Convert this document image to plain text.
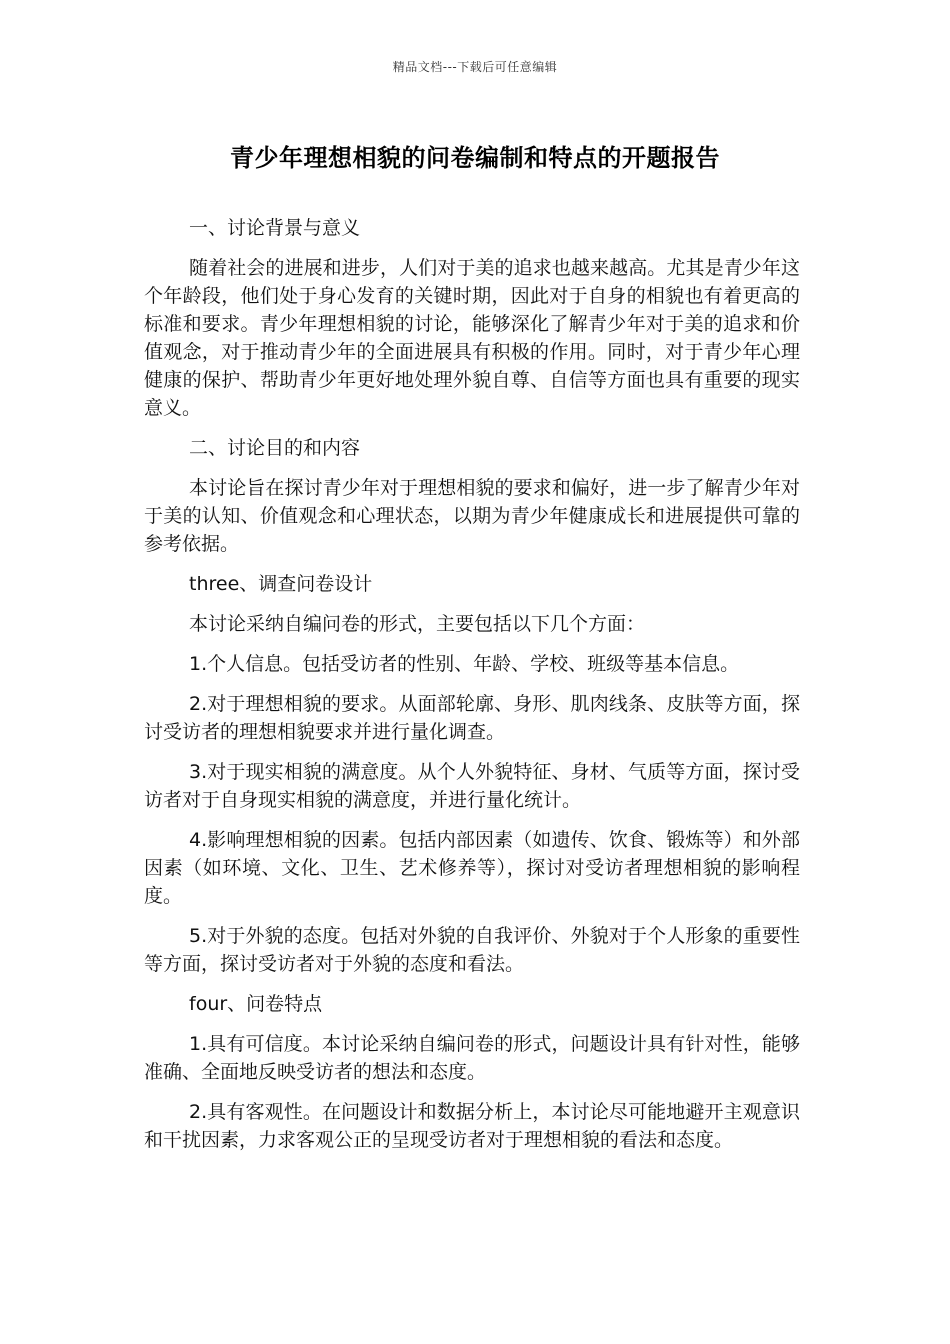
精品文档---下载后可任意编辑
青少年理想相貌的问卷编制和特点的开题报告

一、讨论背景与意义

随着社会的进展和进步，人们对于美的追求也越来越高。尤其是青少年这个年龄段，他们处于身心发育的关键时期，因此对于自身的相貌也有着更高的标准和要求。青少年理想相貌的讨论，能够深化了解青少年对于美的追求和价值观念，对于推动青少年的全面进展具有积极的作用。同时，对于青少年心理健康的保护、帮助青少年更好地处理外貌自尊、自信等方面也具有重要的现实意义。

二、讨论目的和内容

本讨论旨在探讨青少年对于理想相貌的要求和偏好，进一步了解青少年对于美的认知、价值观念和心理状态，以期为青少年健康成长和进展提供可靠的参考依据。

three、调查问卷设计

本讨论采纳自编问卷的形式，主要包括以下几个方面：

1.个人信息。包括受访者的性别、年龄、学校、班级等基本信息。

2.对于理想相貌的要求。从面部轮廓、身形、肌肉线条、皮肤等方面，探讨受访者的理想相貌要求并进行量化调查。

3.对于现实相貌的满意度。从个人外貌特征、身材、气质等方面，探讨受访者对于自身现实相貌的满意度，并进行量化统计。

4.影响理想相貌的因素。包括内部因素（如遗传、饮食、锻炼等）和外部因素（如环境、文化、卫生、艺术修养等），探讨对受访者理想相貌的影响程度。

5.对于外貌的态度。包括对外貌的自我评价、外貌对于个人形象的重要性等方面，探讨受访者对于外貌的态度和看法。

four、问卷特点

1.具有可信度。本讨论采纳自编问卷的形式，问题设计具有针对性，能够准确、全面地反映受访者的想法和态度。

2.具有客观性。在问题设计和数据分析上，本讨论尽可能地避开主观意识和干扰因素，力求客观公正的呈现受访者对于理想相貌的看法和态度。
